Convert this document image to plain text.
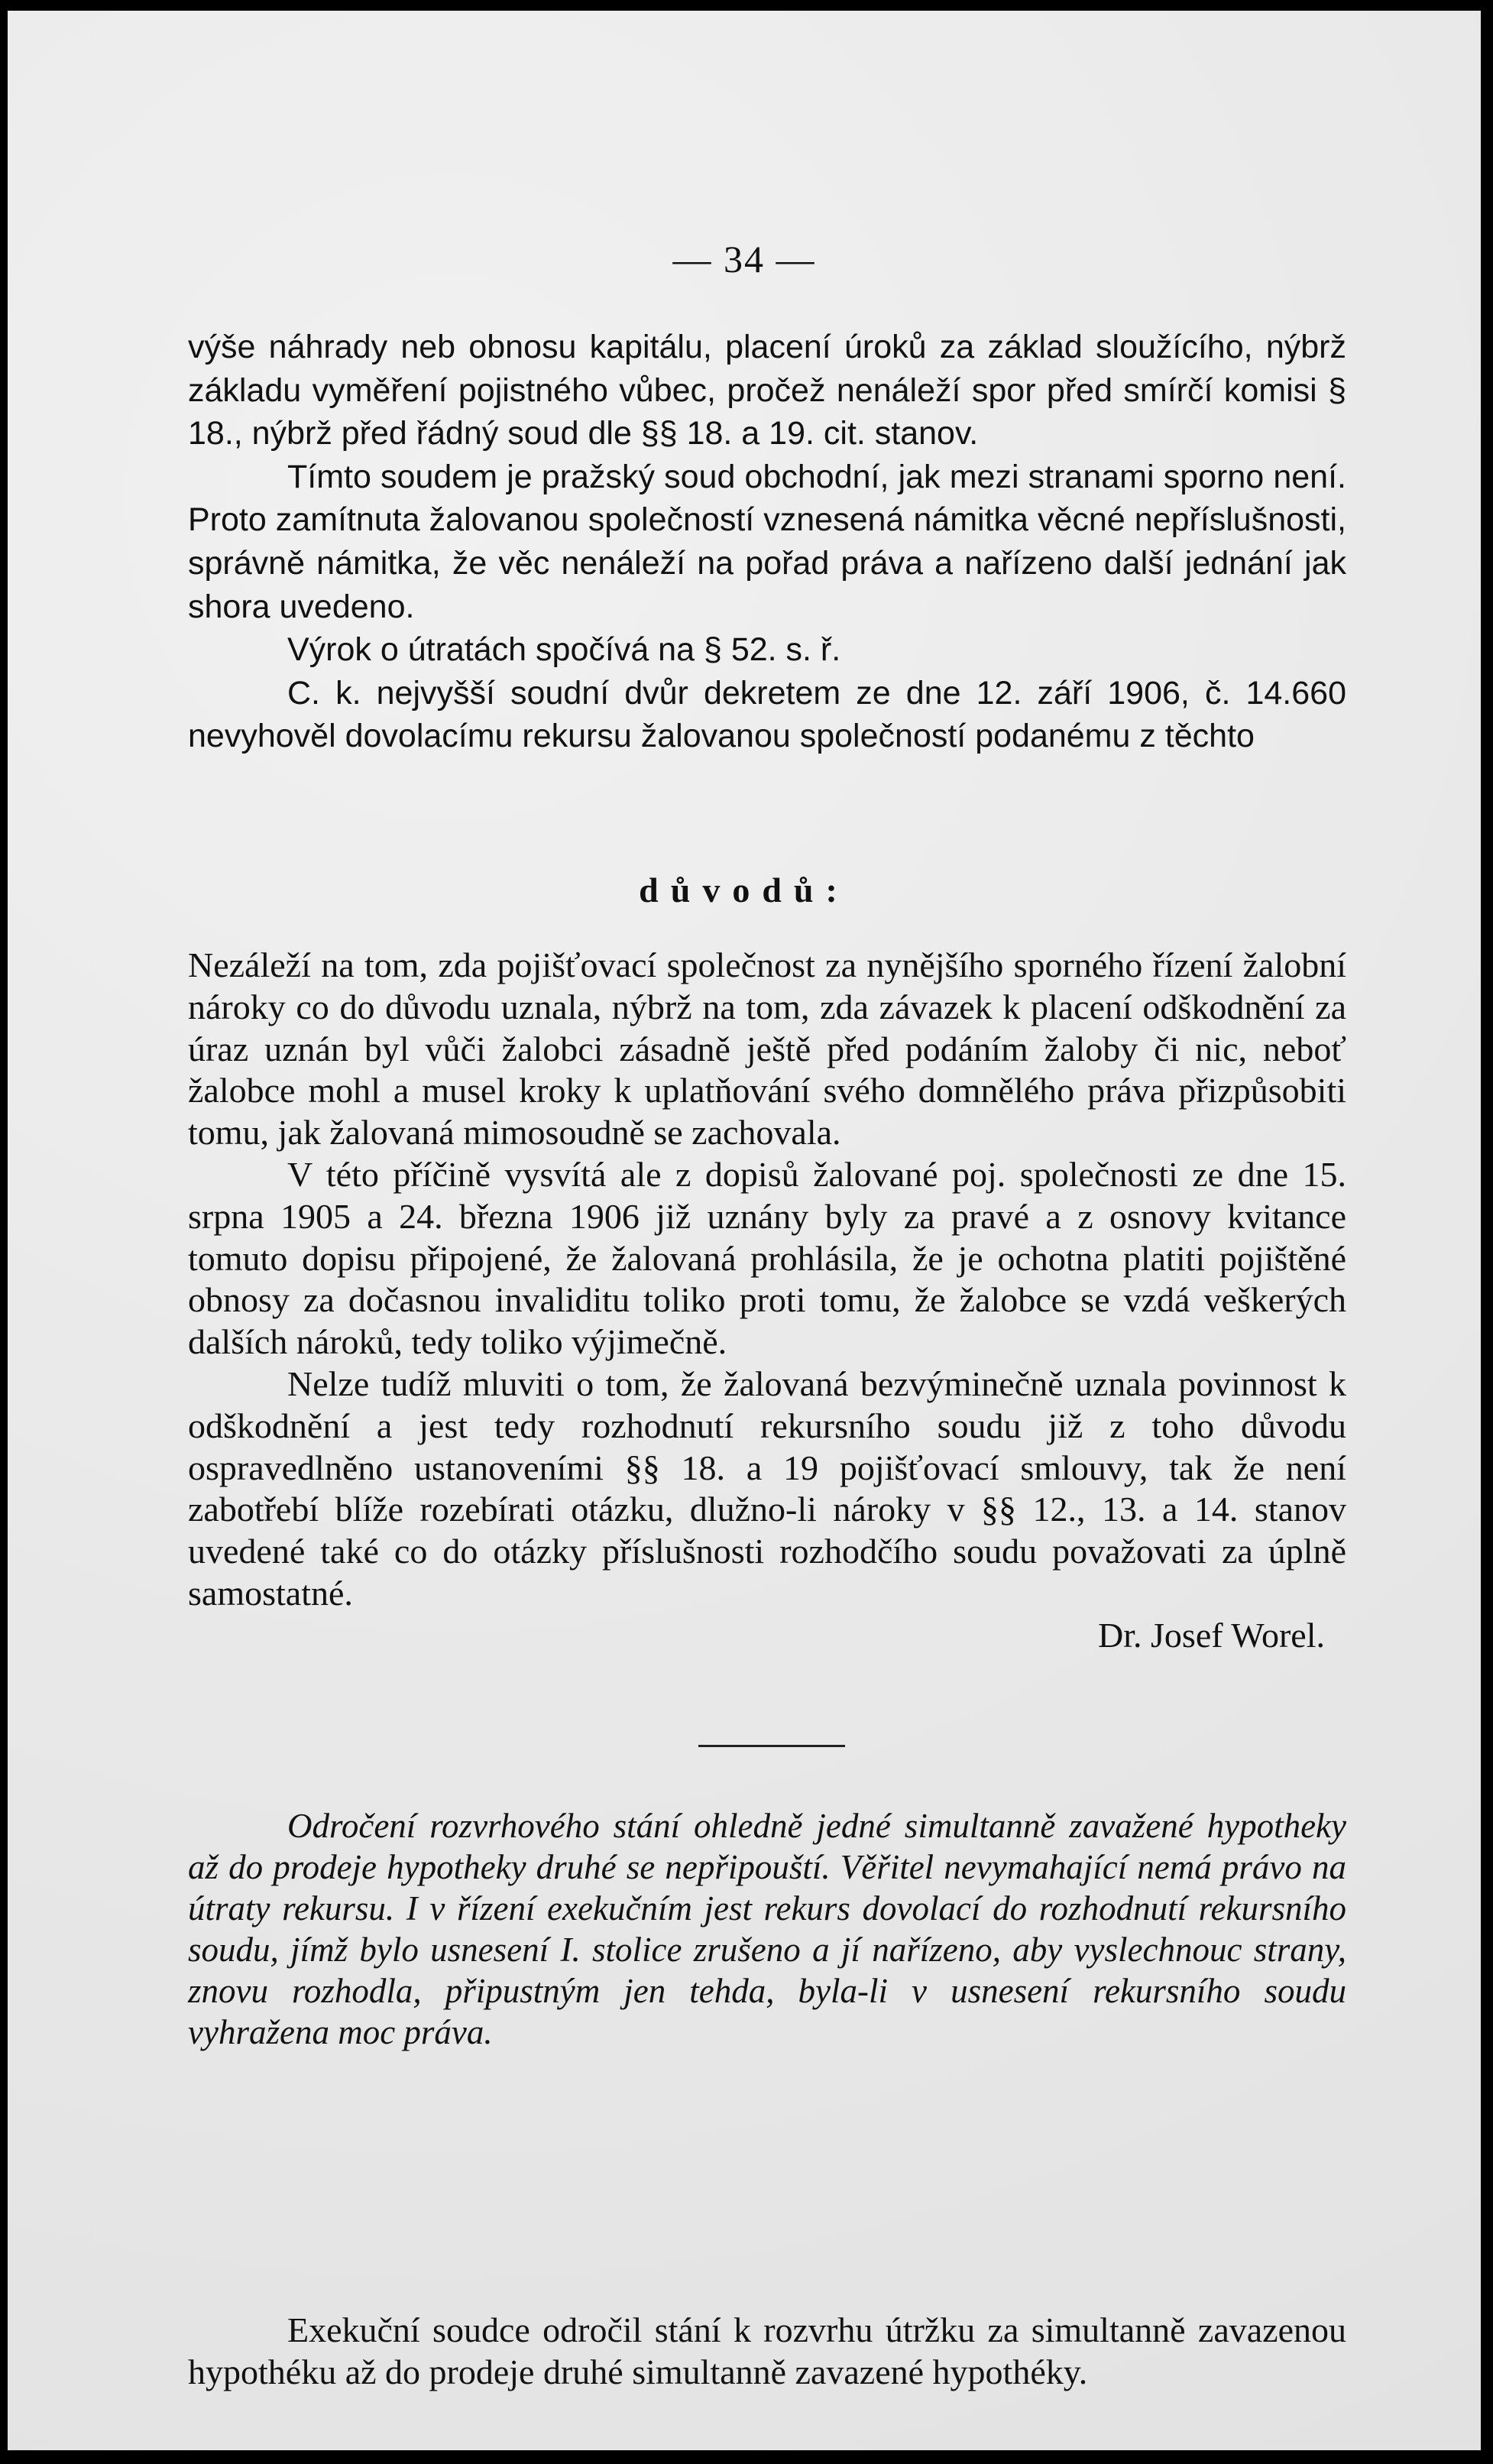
— 34 —

výše náhrady neb obnosu kapitálu, placení úroků za základ sloužícího, nýbrž základu vyměření pojistného vůbec, pročež nenáleží spor před smírčí komisi § 18., nýbrž před řádný soud dle §§ 18. a 19. cit. stanov.

Tímto soudem je pražský soud obchodní, jak mezi stranami sporno není. Proto zamítnuta žalovanou společností vznesená námitka věcné nepříslušnosti, správně námitka, že věc nenáleží na pořad práva a nařízeno další jednání jak shora uvedeno.

Výrok o útratách spočívá na § 52. s. ř.

C. k. nejvyšší soudní dvůr dekretem ze dne 12. září 1906, č. 14.660 nevyhověl dovolacímu rekursu žalovanou společností podanému z těchto

důvodů:

Nezáleží na tom, zda pojišťovací společnost za nynějšího sporného řízení žalobní nároky co do důvodu uznala, nýbrž na tom, zda závazek k placení odškodnění za úraz uznán byl vůči žalobci zásadně ještě před podáním žaloby či nic, neboť žalobce mohl a musel kroky k uplatňování svého domnělého práva přizpůsobiti tomu, jak žalovaná mimosoudně se zachovala.

V této příčině vysvítá ale z dopisů žalované poj. společnosti ze dne 15. srpna 1905 a 24. března 1906 již uznány byly za pravé a z osnovy kvitance tomuto dopisu připojené, že žalovaná prohlásila, že je ochotna platiti pojištěné obnosy za dočasnou invaliditu toliko proti tomu, že žalobce se vzdá veškerých dalších nároků, tedy toliko výjimečně.

Nelze tudíž mluviti o tom, že žalovaná bezvýminečně uznala povinnost k odškodnění a jest tedy rozhodnutí rekursního soudu již z toho důvodu ospravedlněno ustanoveními §§ 18. a 19 pojišťovací smlouvy, tak že není zabotřebí blíže rozebírati otázku, dlužno-li nároky v §§ 12., 13. a 14. stanov uvedené také co do otázky příslušnosti rozhodčího soudu považovati za úplně samostatné.

Dr. Josef Worel.

Odročení rozvrhového stání ohledně jedné simultanně zavažené hypotheky až do prodeje hypotheky druhé se nepřipouští. Věřitel nevymahající nemá právo na útraty rekursu. I v řízení exekučním jest rekurs dovolací do rozhodnutí rekursního soudu, jímž bylo usnesení I. stolice zrušeno a jí nařízeno, aby vyslechnouc strany, znovu rozhodla, připustným jen tehda, byla-li v usnesení rekursního soudu vyhražena moc práva.

Exekuční soudce odročil stání k rozvrhu útržku za simultanně zavazenou hypothéku až do prodeje druhé simultanně zavazené hypothéky.
